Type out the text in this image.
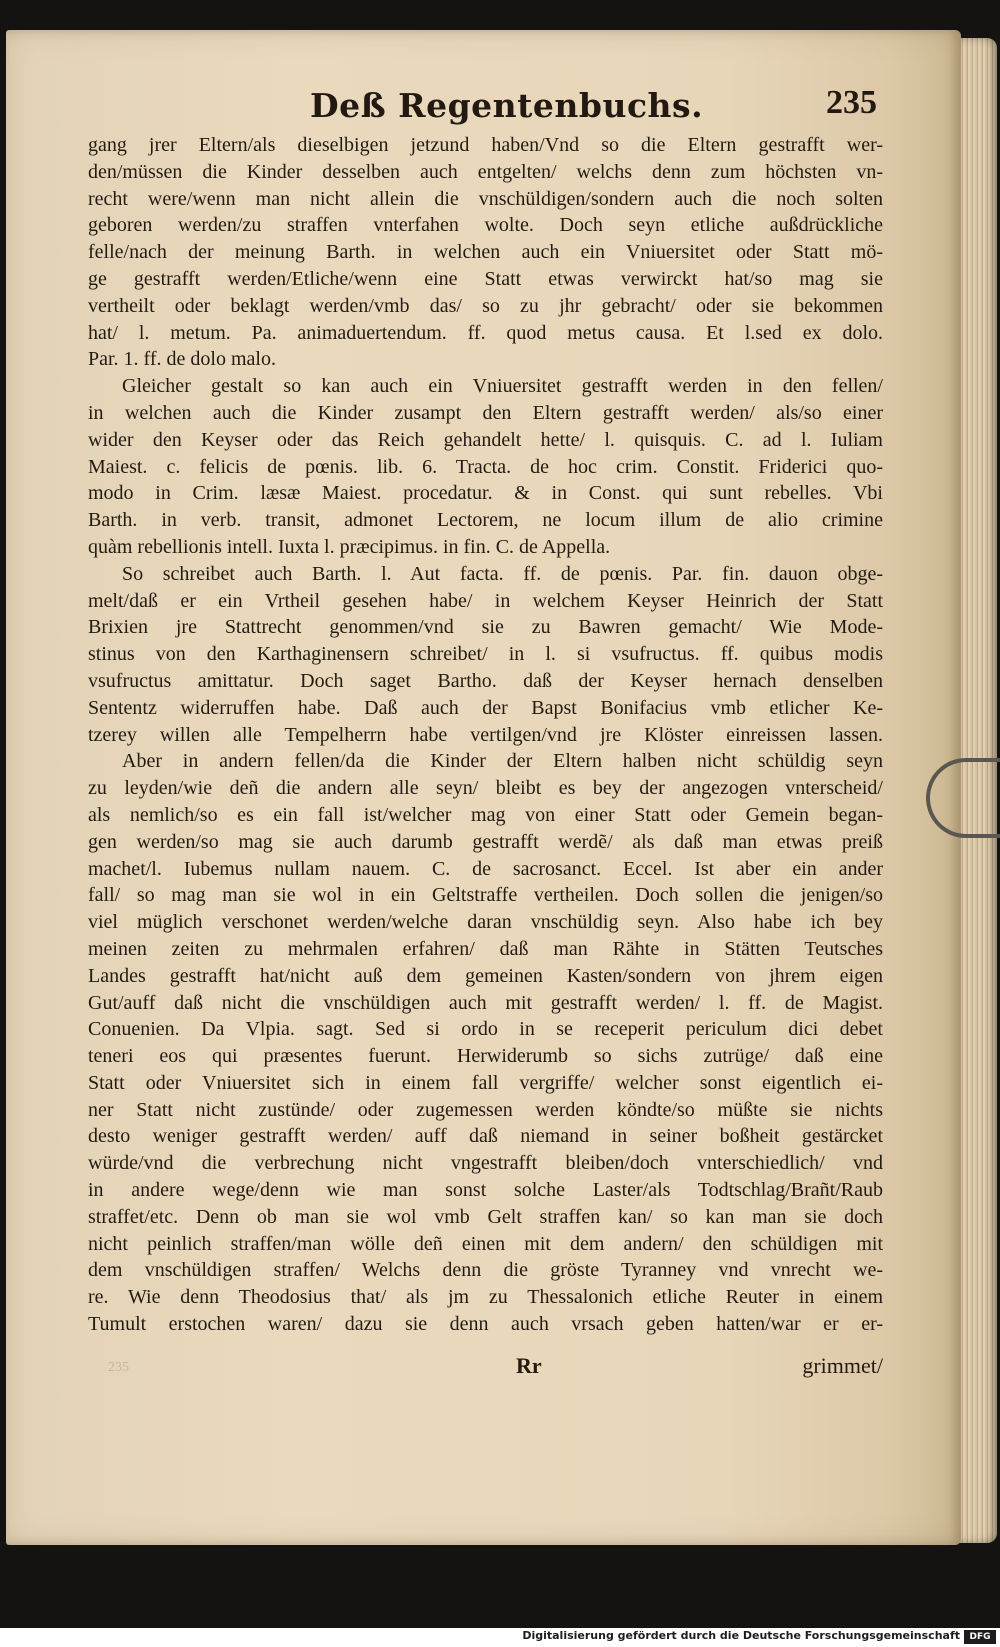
Deß Regentenbuchs.	235
gang jrer Eltern/als dieselbigen jetzund haben/Vnd so die Eltern gestrafft wer-
den/müssen die Kinder desselben auch entgelten/ welchs denn zum höchsten vn-
recht were/wenn man nicht allein die vnschüldigen/sondern auch die noch solten
geboren werden/zu straffen vnterfahen wolte. Doch seyn etliche außdrückliche
felle/nach der meinung Barth. in welchen auch ein Vniuersitet oder Statt mö-
ge gestrafft werden/Etliche/wenn eine Statt etwas verwirckt hat/so mag sie
vertheilt oder beklagt werden/vmb das/ so zu jhr gebracht/ oder sie bekommen
hat/ l. metum. Pa. animaduertendum. ff. quod metus causa. Et l.sed ex dolo.
Par. 1. ff. de dolo malo.
Gleicher gestalt so kan auch ein Vniuersitet gestrafft werden in den fellen/
in welchen auch die Kinder zusampt den Eltern gestrafft werden/ als/so einer
wider den Keyser oder das Reich gehandelt hette/ l. quisquis. C. ad l. Iuliam
Maiest. c. felicis de pœnis. lib. 6. Tracta. de hoc crim. Constit. Friderici quo-
modo in Crim. læsæ Maiest. procedatur. & in Const. qui sunt rebelles. Vbi
Barth. in verb. transit, admonet Lectorem, ne locum illum de alio crimine
quàm rebellionis intell. Iuxta l. præcipimus. in fin. C. de Appella.
So schreibet auch Barth. l. Aut facta. ff. de pœnis. Par. fin. dauon obge-
melt/daß er ein Vrtheil gesehen habe/ in welchem Keyser Heinrich der Statt
Brixien jre Stattrecht genommen/vnd sie zu Bawren gemacht/ Wie Mode-
stinus von den Karthaginensern schreibet/ in l. si vsufructus. ff. quibus modis
vsufructus amittatur. Doch saget Bartho. daß der Keyser hernach denselben
Sententz widerruffen habe. Daß auch der Bapst Bonifacius vmb etlicher Ke-
tzerey willen alle Tempelherrn habe vertilgen/vnd jre Klöster einreissen lassen.
Aber in andern fellen/da die Kinder der Eltern halben nicht schüldig seyn
zu leyden/wie deñ die andern alle seyn/ bleibt es bey der angezogen vnterscheid/
als nemlich/so es ein fall ist/welcher mag von einer Statt oder Gemein began-
gen werden/so mag sie auch darumb gestrafft werdẽ/ als daß man etwas preiß
machet/l. Iubemus nullam nauem. C. de sacrosanct. Eccel. Ist aber ein ander
fall/ so mag man sie wol in ein Geltstraffe vertheilen. Doch sollen die jenigen/so
viel müglich verschonet werden/welche daran vnschüldig seyn. Also habe ich bey
meinen zeiten zu mehrmalen erfahren/ daß man Rähte in Stätten Teutsches
Landes gestrafft hat/nicht auß dem gemeinen Kasten/sondern von jhrem eigen
Gut/auff daß nicht die vnschüldigen auch mit gestrafft werden/ l. ff. de Magist.
Conuenien. Da Vlpia. sagt. Sed si ordo in se receperit periculum dici debet
teneri eos qui præsentes fuerunt. Herwiderumb so sichs zutrüge/ daß eine
Statt oder Vniuersitet sich in einem fall vergriffe/ welcher sonst eigentlich ei-
ner Statt nicht zustünde/ oder zugemessen werden köndte/so müßte sie nichts
desto weniger gestrafft werden/ auff daß niemand in seiner boßheit gestärcket
würde/vnd die verbrechung nicht vngestrafft bleiben/doch vnterschiedlich/ vnd
in andere wege/denn wie man sonst solche Laster/als Todtschlag/Brañt/Raub
straffet/etc. Denn ob man sie wol vmb Gelt straffen kan/ so kan man sie doch
nicht peinlich straffen/man wölle deñ einen mit dem andern/ den schüldigen mit
dem vnschüldigen straffen/ Welchs denn die gröste Tyranney vnd vnrecht we-
re. Wie denn Theodosius that/ als jm zu Thessalonich etliche Reuter in einem
Tumult erstochen waren/ dazu sie denn auch vrsach geben hatten/war er er-
Rr	grimmet/
235
Digitalisierung gefördert durch die Deutsche Forschungsgemeinschaft	DFG
